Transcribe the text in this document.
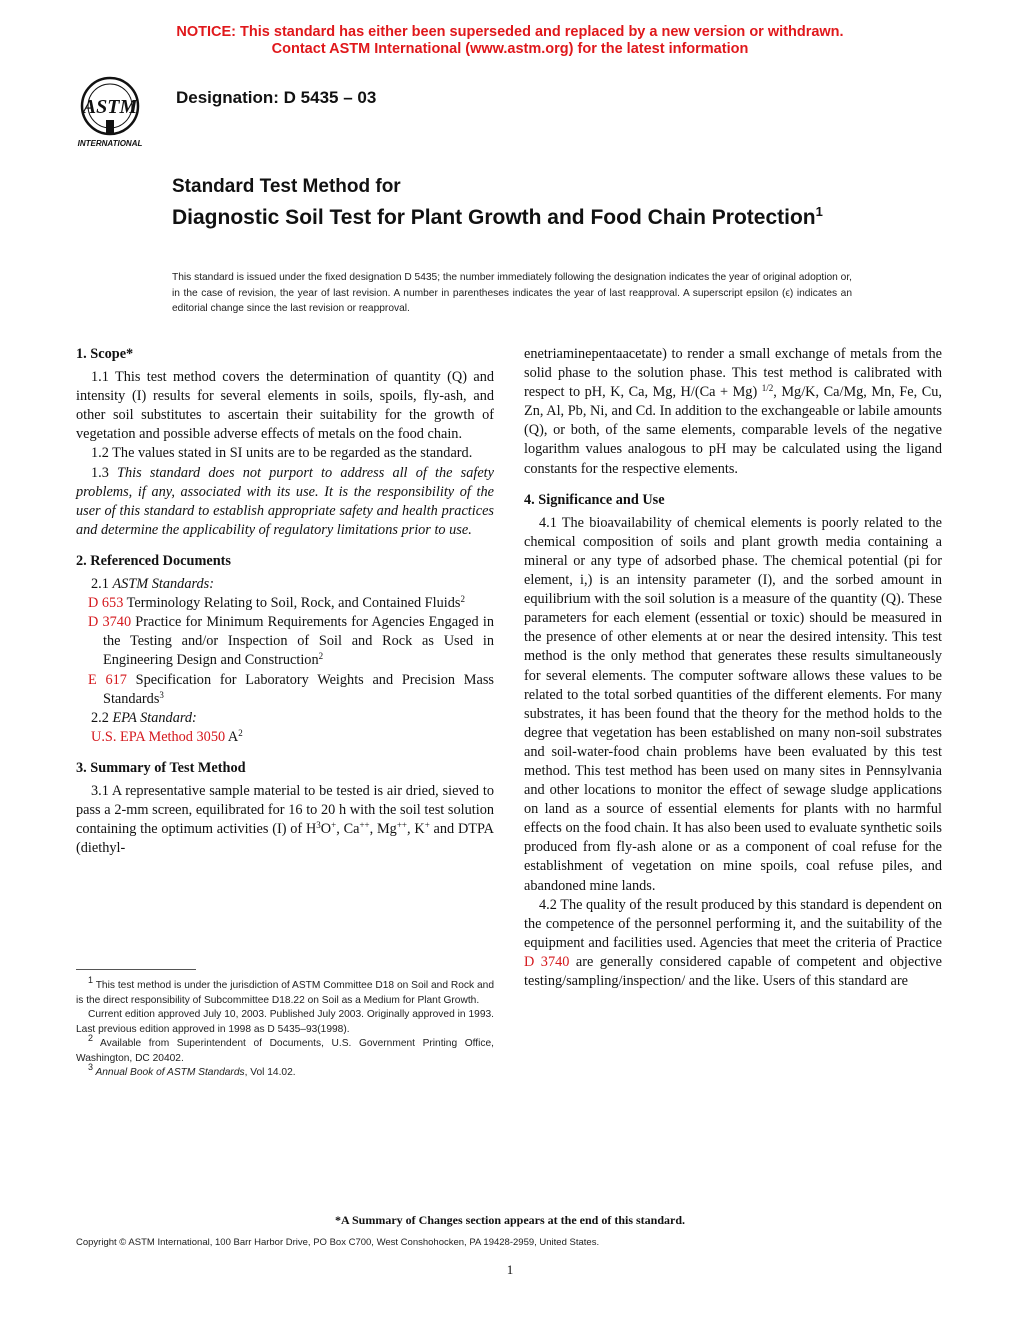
NOTICE: This standard has either been superseded and replaced by a new version or withdrawn.
Contact ASTM International (www.astm.org) for the latest information
ASTM
INTERNATIONAL
Designation: D 5435 – 03
Standard Test Method for
Diagnostic Soil Test for Plant Growth and Food Chain Protection$^1$
This standard is issued under the fixed designation D 5435; the number immediately following the designation indicates the year of original adoption or, in the case of revision, the year of last revision. A number in parentheses indicates the year of last reapproval. A superscript epsilon (ϵ) indicates an editorial change since the last revision or reapproval.

1. Scope*

1.1 This test method covers the determination of quantity (Q) and intensity (I) results for several elements in soils, spoils, fly-ash, and other soil substitutes to ascertain their suitability for the growth of vegetation and possible adverse effects of metals on the food chain.

1.2 The values stated in SI units are to be regarded as the standard.

1.3 This standard does not purport to address all of the safety problems, if any, associated with its use. It is the responsibility of the user of this standard to establish appropriate safety and health practices and determine the applicability of regulatory limitations prior to use.

2. Referenced Documents

2.1 ASTM Standards:

D 653 Terminology Relating to Soil, Rock, and Contained Fluids$^2$

D 3740 Practice for Minimum Requirements for Agencies Engaged in the Testing and/or Inspection of Soil and Rock as Used in Engineering Design and Construction$^2$

E 617 Specification for Laboratory Weights and Precision Mass Standards$^3$

2.2 EPA Standard:

U.S. EPA Method 3050 $A^2$

3. Summary of Test Method

3.1 A representative sample material to be tested is air dried, sieved to pass a 2-mm screen, equilibrated for 16 to 20 h with the soil test solution containing the optimum activities (I) of $H^3O^+$, Ca++, Mg++, K+ and DTPA (diethyl-

$^1$ This test method is under the jurisdiction of ASTM Committee D18 on Soil and Rock and is the direct responsibility of Subcommittee D18.22 on Soil as a Medium for Plant Growth.

Current edition approved July 10, 2003. Published July 2003. Originally approved in 1993. Last previous edition approved in 1998 as D 5435–93(1998).

$^2$ Available from Superintendent of Documents, U.S. Government Printing Office, Washington, DC 20402.

$^3$ Annual Book of ASTM Standards, Vol 14.02.

enetriaminepentaacetate) to render a small exchange of metals from the solid phase to the solution phase. This test method is calibrated with respect to pH, K, Ca, Mg, H/(Ca + Mg) $^{1/2}$, Mg/K, Ca/Mg, Mn, Fe, Cu, Zn, Al, Pb, Ni, and Cd. In addition to the exchangeable or labile amounts (Q), or both, of the same elements, comparable levels of the negative logarithm values analogous to pH may be calculated using the ligand constants for the respective elements.

4. Significance and Use

4.1 The bioavailability of chemical elements is poorly related to the chemical composition of soils and plant growth media containing a mineral or any type of adsorbed phase. The chemical potential (pi for element, i,) is an intensity parameter (I), and the sorbed amount in equilibrium with the soil solution is a measure of the quantity (Q). These parameters for each element (essential or toxic) should be measured in the presence of other elements at or near the desired intensity. This test method is the only method that generates these results simultaneously for several elements. The computer software allows these values to be related to the total sorbed quantities of the different elements. For many substrates, it has been found that the theory for the method holds to the degree that vegetation has been established on many non-soil substrates and soil-water-food chain problems have been evaluated by this test method. This test method has been used on many sites in Pennsylvania and other locations to monitor the effect of sewage sludge applications on land as a source of essential elements for plants with no harmful effects on the food chain. It has also been used to evaluate synthetic soils produced from fly-ash alone or as a component of coal refuse for the establishment of vegetation on mine spoils, coal refuse piles, and abandoned mine lands.

4.2 The quality of the result produced by this standard is dependent on the competence of the personnel performing it, and the suitability of the equipment and facilities used. Agencies that meet the criteria of Practice D 3740 are generally considered capable of competent and objective testing/sampling/inspection/ and the like. Users of this standard are

*A Summary of Changes section appears at the end of this standard.
Copyright © ASTM International, 100 Barr Harbor Drive, PO Box C700, West Conshohocken, PA 19428-2959, United States.
1
